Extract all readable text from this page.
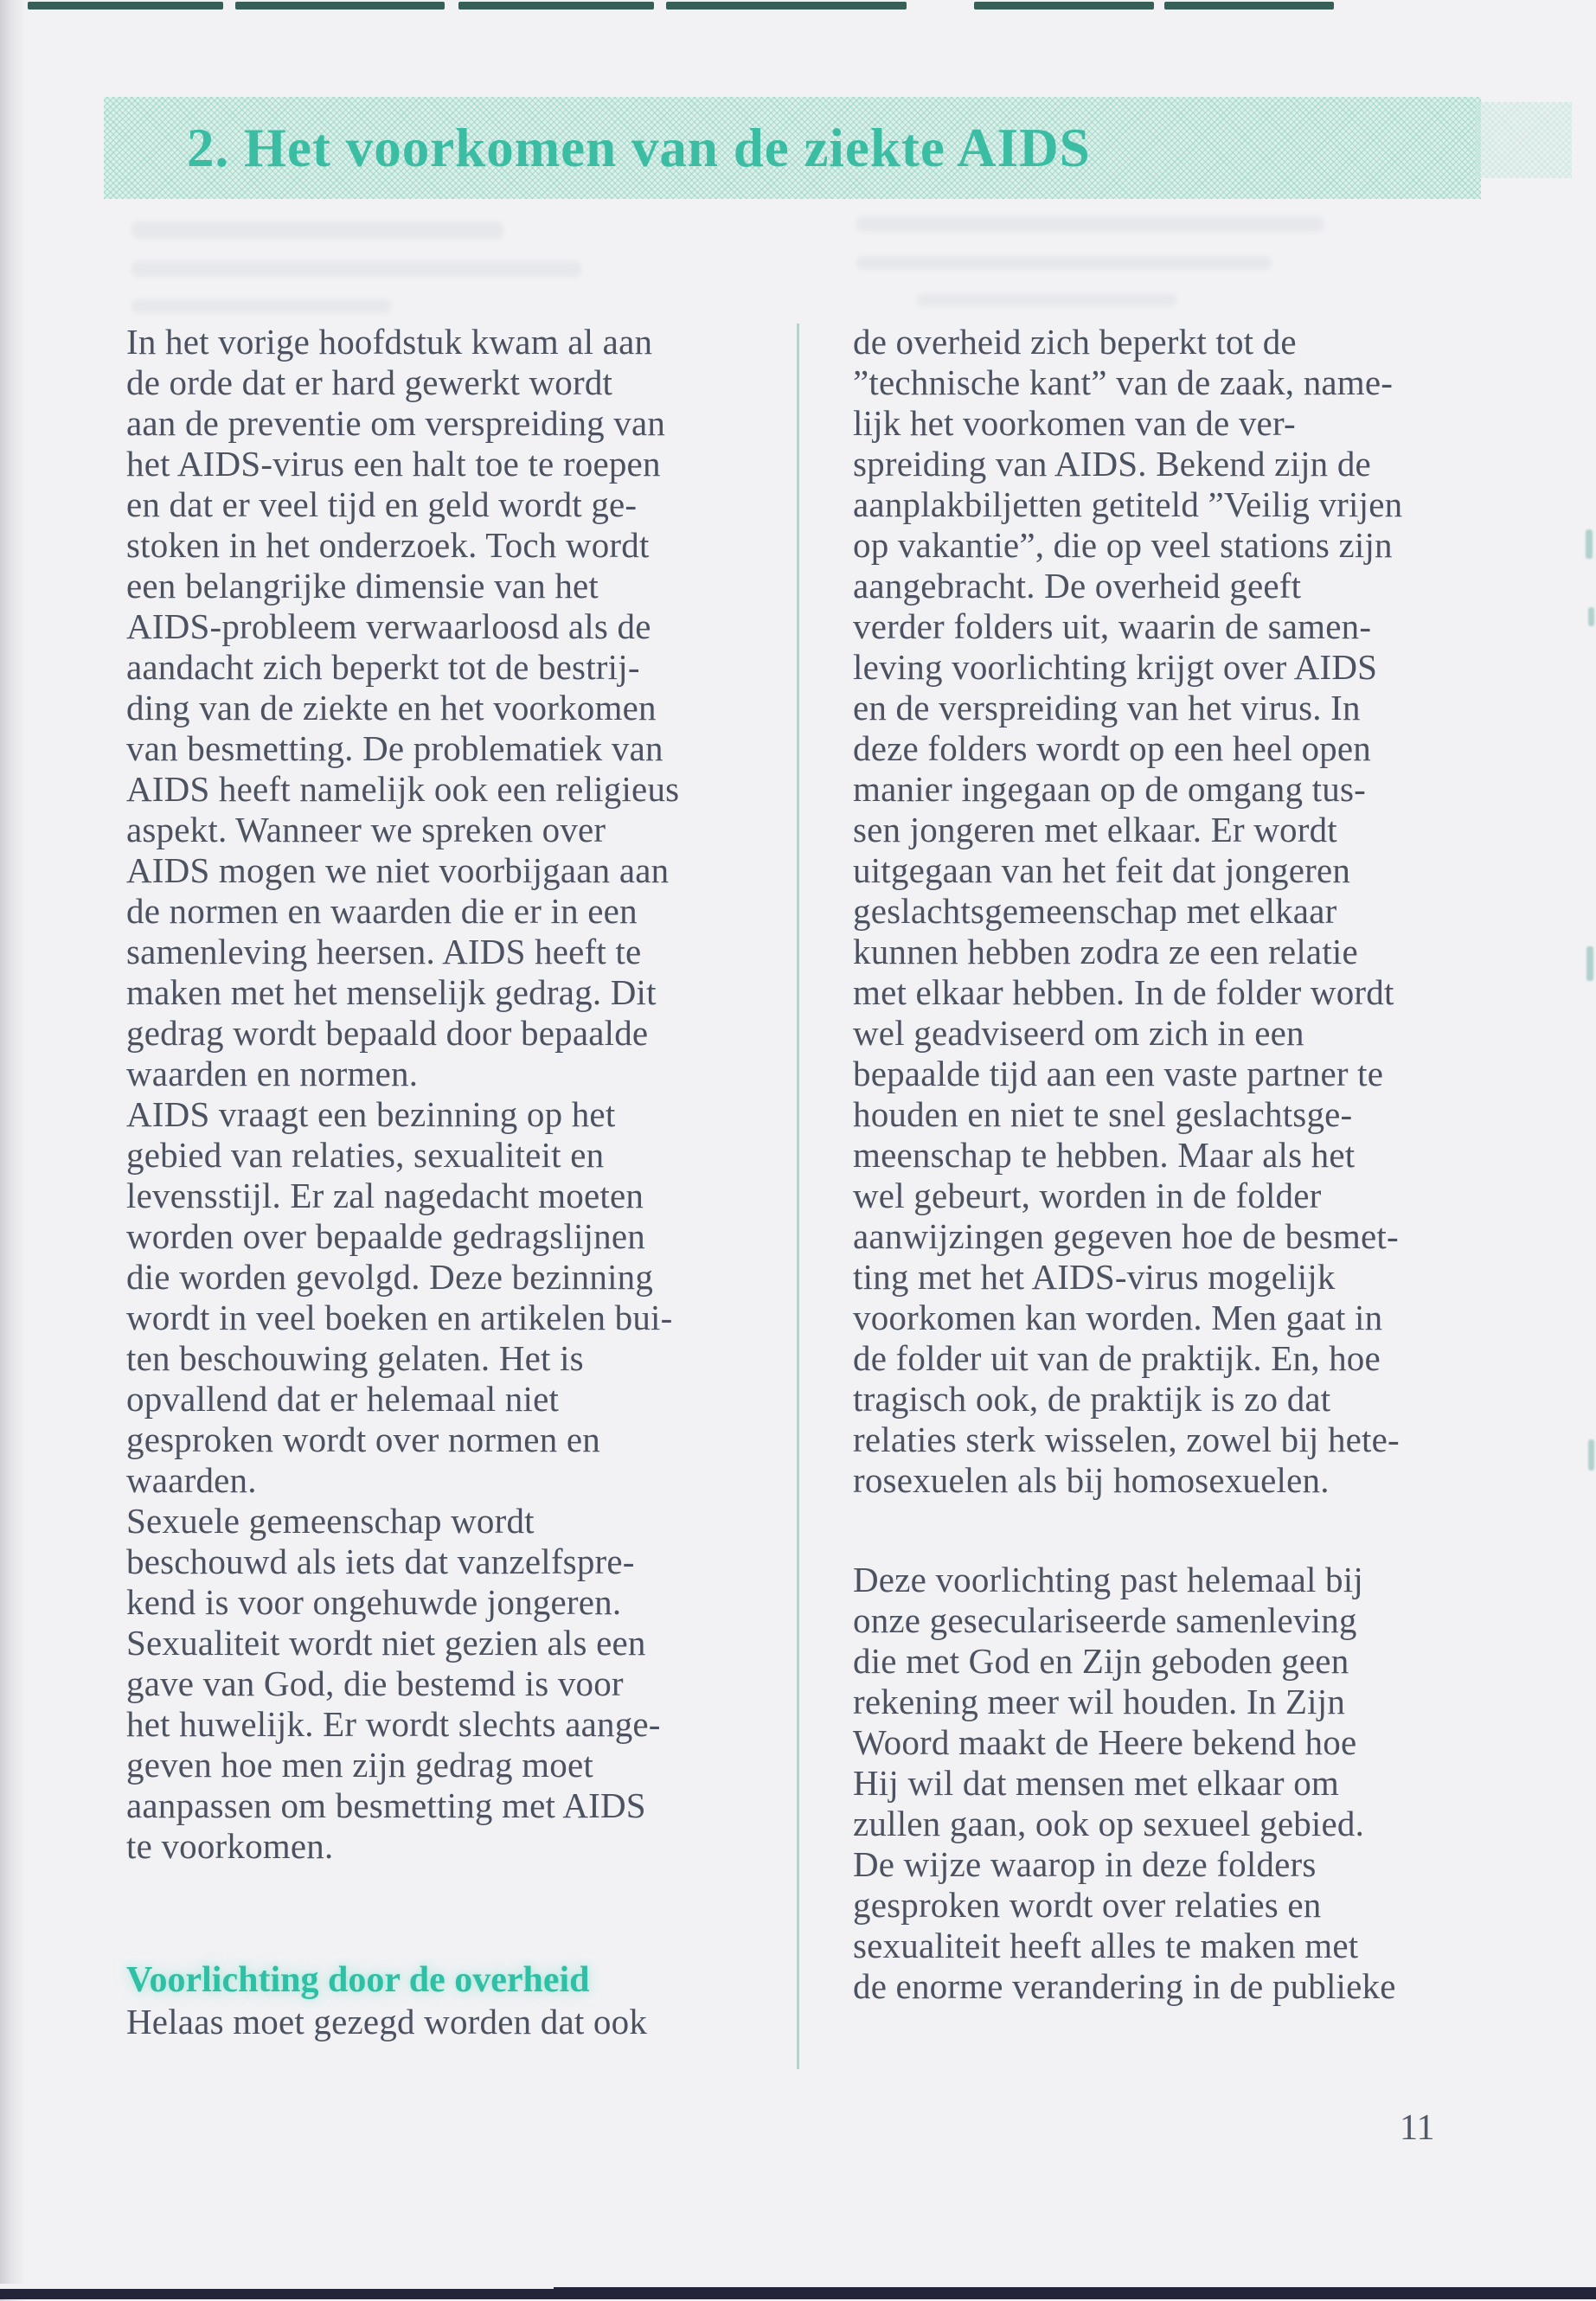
2. Het voorkomen van de ziekte AIDS
In het vorige hoofdstuk kwam al aan
de orde dat er hard gewerkt wordt
aan de preventie om verspreiding van
het AIDS-virus een halt toe te roepen
en dat er veel tijd en geld wordt ge-
stoken in het onderzoek. Toch wordt
een belangrijke dimensie van het
AIDS-probleem verwaarloosd als de
aandacht zich beperkt tot de bestrij-
ding van de ziekte en het voorkomen
van besmetting. De problematiek van
AIDS heeft namelijk ook een religieus
aspekt. Wanneer we spreken over
AIDS mogen we niet voorbijgaan aan
de normen en waarden die er in een
samenleving heersen. AIDS heeft te
maken met het menselijk gedrag. Dit
gedrag wordt bepaald door bepaalde
waarden en normen.
AIDS vraagt een bezinning op het
gebied van relaties, sexualiteit en
levensstijl. Er zal nagedacht moeten
worden over bepaalde gedragslijnen
die worden gevolgd. Deze bezinning
wordt in veel boeken en artikelen bui-
ten beschouwing gelaten. Het is
opvallend dat er helemaal niet
gesproken wordt over normen en
waarden.
Sexuele gemeenschap wordt
beschouwd als iets dat vanzelfspre-
kend is voor ongehuwde jongeren.
Sexualiteit wordt niet gezien als een
gave van God, die bestemd is voor
het huwelijk. Er wordt slechts aange-
geven hoe men zijn gedrag moet
aanpassen om besmetting met AIDS
te voorkomen.
Voorlichting door de overheid
Helaas moet gezegd worden dat ook
de overheid zich beperkt tot de
”technische kant” van de zaak, name-
lijk het voorkomen van de ver-
spreiding van AIDS. Bekend zijn de
aanplakbiljetten getiteld ”Veilig vrijen
op vakantie”, die op veel stations zijn
aangebracht. De overheid geeft
verder folders uit, waarin de samen-
leving voorlichting krijgt over AIDS
en de verspreiding van het virus. In
deze folders wordt op een heel open
manier ingegaan op de omgang tus-
sen jongeren met elkaar. Er wordt
uitgegaan van het feit dat jongeren
geslachtsgemeenschap met elkaar
kunnen hebben zodra ze een relatie
met elkaar hebben. In de folder wordt
wel geadviseerd om zich in een
bepaalde tijd aan een vaste partner te
houden en niet te snel geslachtsge-
meenschap te hebben. Maar als het
wel gebeurt, worden in de folder
aanwijzingen gegeven hoe de besmet-
ting met het AIDS-virus mogelijk
voorkomen kan worden. Men gaat in
de folder uit van de praktijk. En, hoe
tragisch ook, de praktijk is zo dat
relaties sterk wisselen, zowel bij hete-
rosexuelen als bij homosexuelen.
Deze voorlichting past helemaal bij
onze geseculariseerde samenleving
die met God en Zijn geboden geen
rekening meer wil houden. In Zijn
Woord maakt de Heere bekend hoe
Hij wil dat mensen met elkaar om
zullen gaan, ook op sexueel gebied.
De wijze waarop in deze folders
gesproken wordt over relaties en
sexualiteit heeft alles te maken met
de enorme verandering in de publieke
11
